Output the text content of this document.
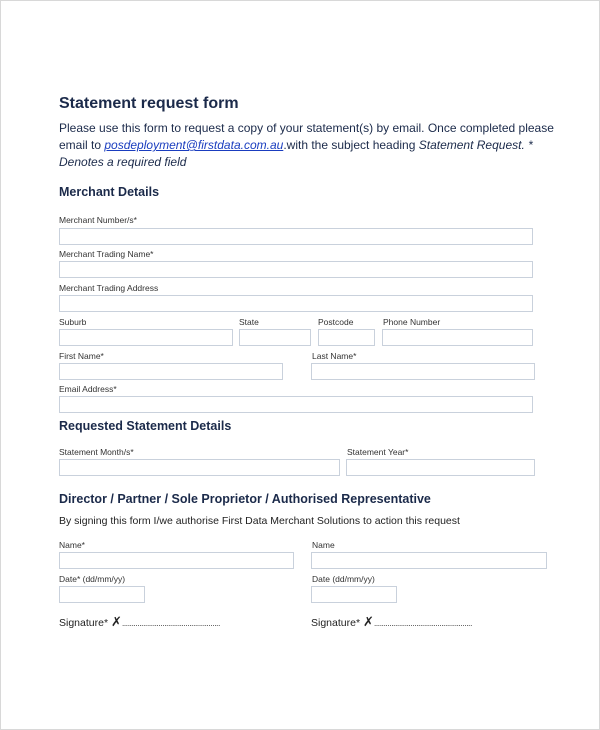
Statement request form
Please use this form to request a copy of your statement(s) by email. Once completed please email to posdeployment@firstdata.com.au.with the subject heading Statement Request. * Denotes a required field
Merchant Details
Merchant Number/s*
Merchant Trading Name*
Merchant Trading Address
Suburb	State	Postcode	Phone Number
First Name*	Last Name*
Email Address*
Requested Statement Details
Statement Month/s*	Statement Year*
Director / Partner / Sole Proprietor / Authorised Representative
By signing this form I/we authorise First Data Merchant Solutions to action this request
Name*	Name
Date* (dd/mm/yy)	Date (dd/mm/yy)
Signature* ✗...................................................	Signature* ✗...................................................
